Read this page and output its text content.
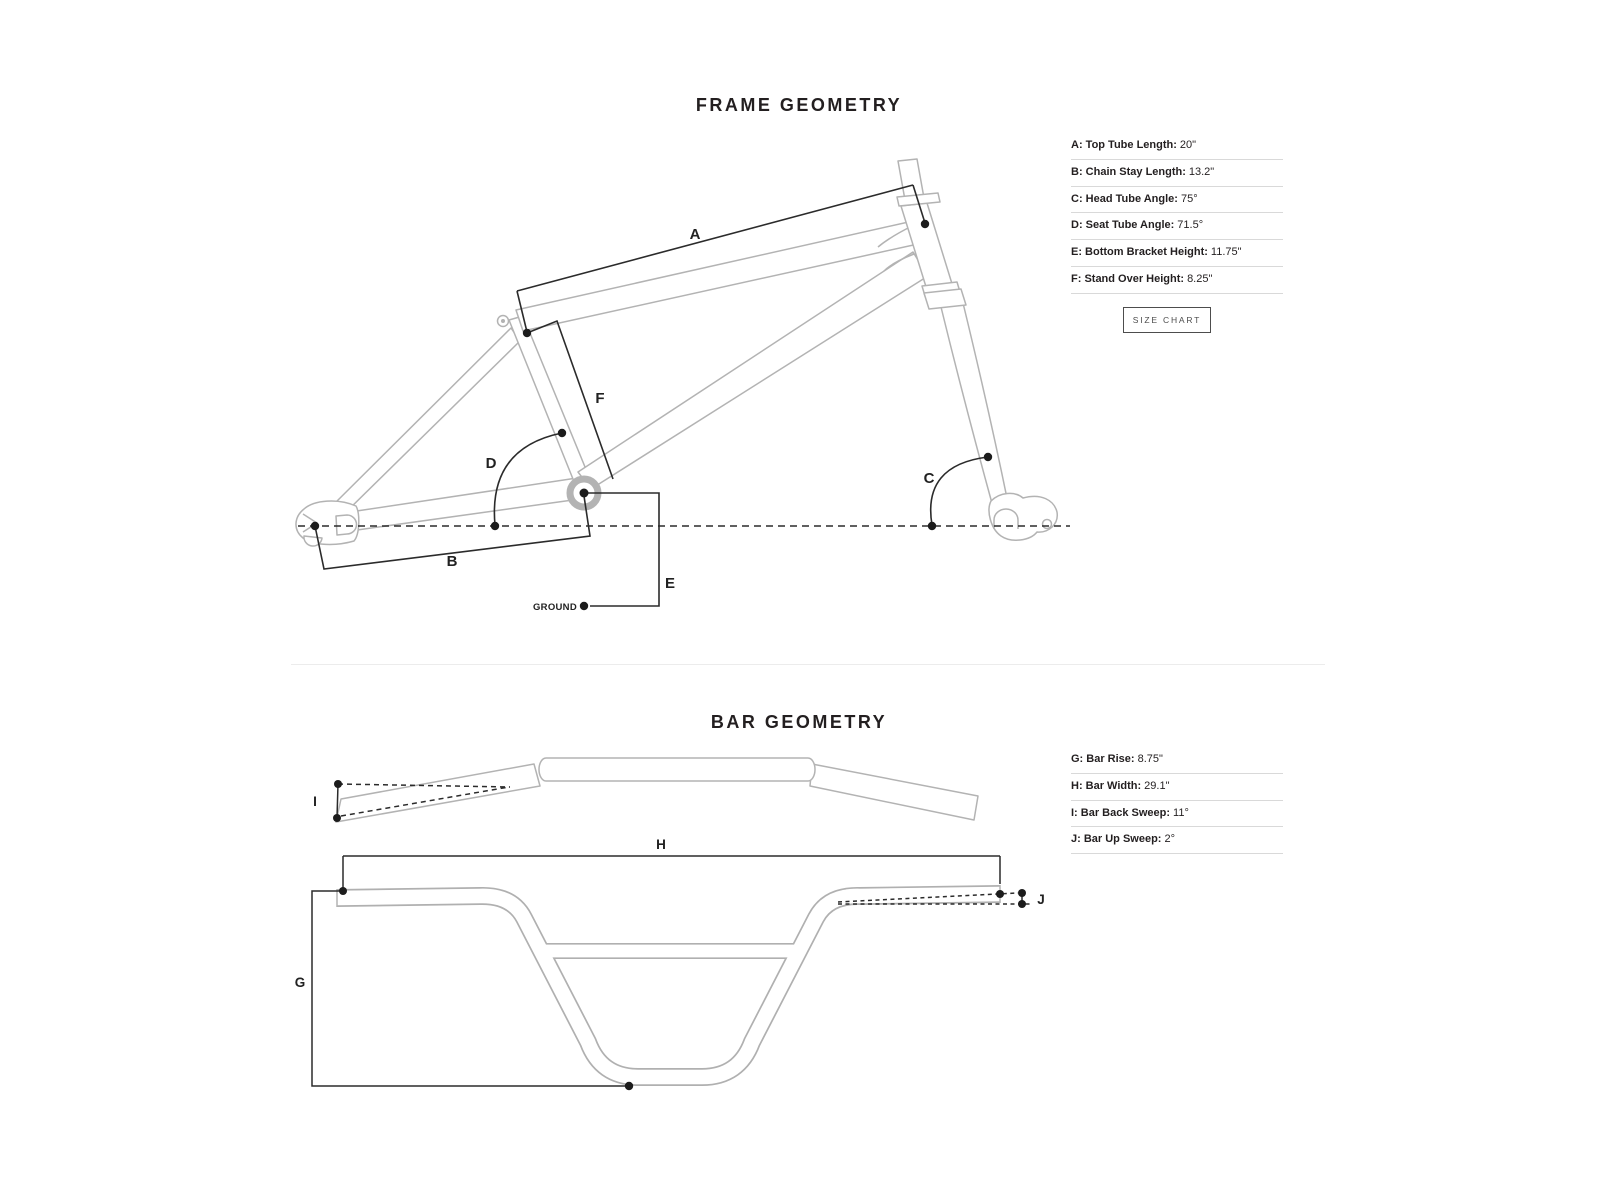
FRAME GEOMETRY
A
B
C
D
E
F
GROUND
A: Top Tube Length: 20"
B: Chain Stay Length: 13.2"
C: Head Tube Angle: 75°
D: Seat Tube Angle: 71.5°
E: Bottom Bracket Height: 11.75"
F: Stand Over Height: 8.25"
SIZE CHART
BAR GEOMETRY
I
H
G
J
G: Bar Rise: 8.75"
H: Bar Width: 29.1"
I: Bar Back Sweep: 11°
J: Bar Up Sweep: 2°
